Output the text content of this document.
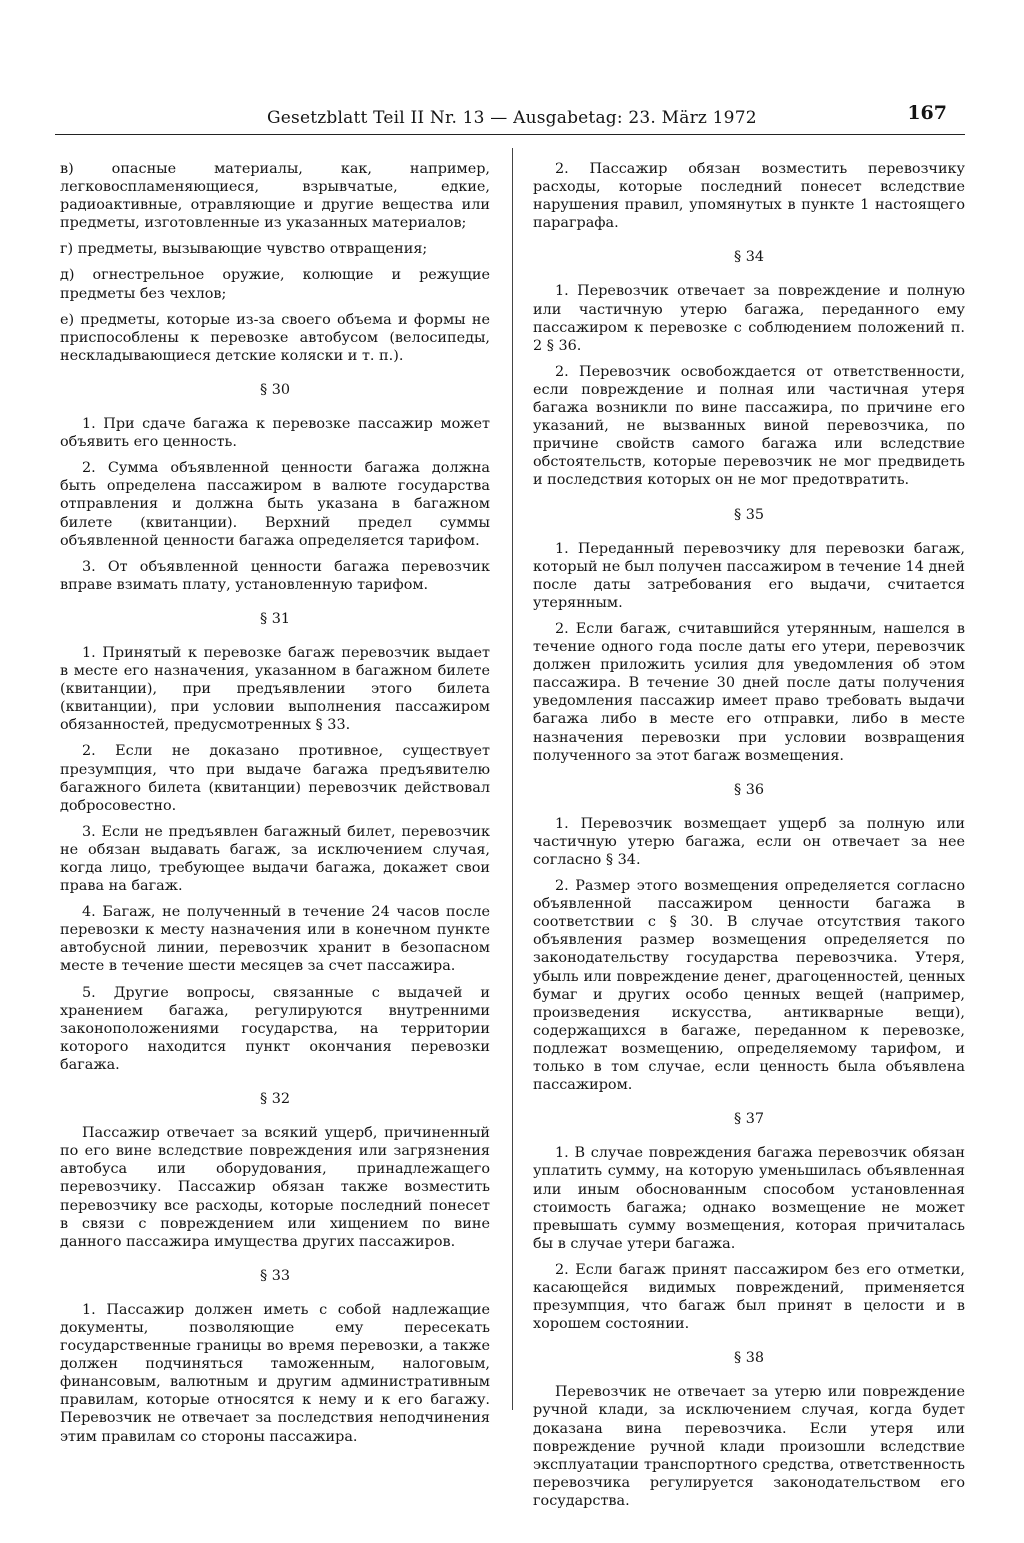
Gesetzblatt Teil II Nr. 13 — Ausgabetag: 23. März 1972	167

в) опасные материалы, как, например, легковоспламеняющиеся, взрывчатые, едкие, радиоактивные, отравляющие и другие вещества или предметы, изготовленные из указанных материалов;

г) предметы, вызывающие чувство отвращения;

д) огнестрельное оружие, колющие и режущие предметы без чехлов;

е) предметы, которые из-за своего объема и формы не приспособлены к перевозке автобусом (велосипеды, нескладывающиеся детские коляски и т. п.).

§ 30

1. При сдаче багажа к перевозке пассажир может объявить его ценность.

2. Сумма объявленной ценности багажа должна быть определена пассажиром в валюте государства отправления и должна быть указана в багажном билете (квитанции). Верхний предел суммы объявленной ценности багажа определяется тарифом.

3. От объявленной ценности багажа перевозчик вправе взимать плату, установленную тарифом.

§ 31

1. Принятый к перевозке багаж перевозчик выдает в месте его назначения, указанном в багажном билете (квитанции), при предъявлении этого билета (квитанции), при условии выполнения пассажиром обязанностей, предусмотренных § 33.

2. Если не доказано противное, существует презумпция, что при выдаче багажа предъявителю багажного билета (квитанции) перевозчик действовал добросовестно.

3. Если не предъявлен багажный билет, перевозчик не обязан выдавать багаж, за исключением случая, когда лицо, требующее выдачи багажа, докажет свои права на багаж.

4. Багаж, не полученный в течение 24 часов после перевозки к месту назначения или в конечном пункте автобусной линии, перевозчик хранит в безопасном месте в течение шести месяцев за счет пассажира.

5. Другие вопросы, связанные с выдачей и хранением багажа, регулируются внутренними законоположениями государства, на территории которого находится пункт окончания перевозки багажа.

§ 32

Пассажир отвечает за всякий ущерб, причиненный по его вине вследствие повреждения или загрязнения автобуса или оборудования, принадлежащего перевозчику. Пассажир обязан также возместить перевозчику все расходы, которые последний понесет в связи с повреждением или хищением по вине данного пассажира имущества других пассажиров.

§ 33

1. Пассажир должен иметь с собой надлежащие документы, позволяющие ему пересекать государственные границы во время перевозки, а также должен подчиняться таможенным, налоговым, финансовым, валютным и другим административным правилам, которые относятся к нему и к его багажу. Перевозчик не отвечает за последствия неподчинения этим правилам со стороны пассажира.

2. Пассажир обязан возместить перевозчику расходы, которые последний понесет вследствие нарушения правил, упомянутых в пункте 1 настоящего параграфа.

§ 34

1. Перевозчик отвечает за повреждение и полную или частичную утерю багажа, переданного ему пассажиром к перевозке с соблюдением положений п. 2 § 36.

2. Перевозчик освобождается от ответственности, если повреждение и полная или частичная утеря багажа возникли по вине пассажира, по причине его указаний, не вызванных виной перевозчика, по причине свойств самого багажа или вследствие обстоятельств, которые перевозчик не мог предвидеть и последствия которых он не мог предотвратить.

§ 35

1. Переданный перевозчику для перевозки багаж, который не был получен пассажиром в течение 14 дней после даты затребования его выдачи, считается утерянным.

2. Если багаж, считавшийся утерянным, нашелся в течение одного года после даты его утери, перевозчик должен приложить усилия для уведомления об этом пассажира. В течение 30 дней после даты получения уведомления пассажир имеет право требовать выдачи багажа либо в месте его отправки, либо в месте назначения перевозки при условии возвращения полученного за этот багаж возмещения.

§ 36

1. Перевозчик возмещает ущерб за полную или частичную утерю багажа, если он отвечает за нее согласно § 34.

2. Размер этого возмещения определяется согласно объявленной пассажиром ценности багажа в соответствии с § 30. В случае отсутствия такого объявления размер возмещения определяется по законодательству государства перевозчика. Утеря, убыль или повреждение денег, драгоценностей, ценных бумаг и других особо ценных вещей (например, произведения искусства, антикварные вещи), содержащихся в багаже, переданном к перевозке, подлежат возмещению, определяемому тарифом, и только в том случае, если ценность была объявлена пассажиром.

§ 37

1. В случае повреждения багажа перевозчик обязан уплатить сумму, на которую уменьшилась объявленная или иным обоснованным способом установленная стоимость багажа; однако возмещение не может превышать сумму возмещения, которая причиталась бы в случае утери багажа.

2. Если багаж принят пассажиром без его отметки, касающейся видимых повреждений, применяется презумпция, что багаж был принят в целости и в хорошем состоянии.

§ 38

Перевозчик не отвечает за утерю или повреждение ручной клади, за исключением случая, когда будет доказана вина перевозчика. Если утеря или повреждение ручной клади произошли вследствие эксплуатации транспортного средства, ответственность перевозчика регулируется законодательством его государства.
